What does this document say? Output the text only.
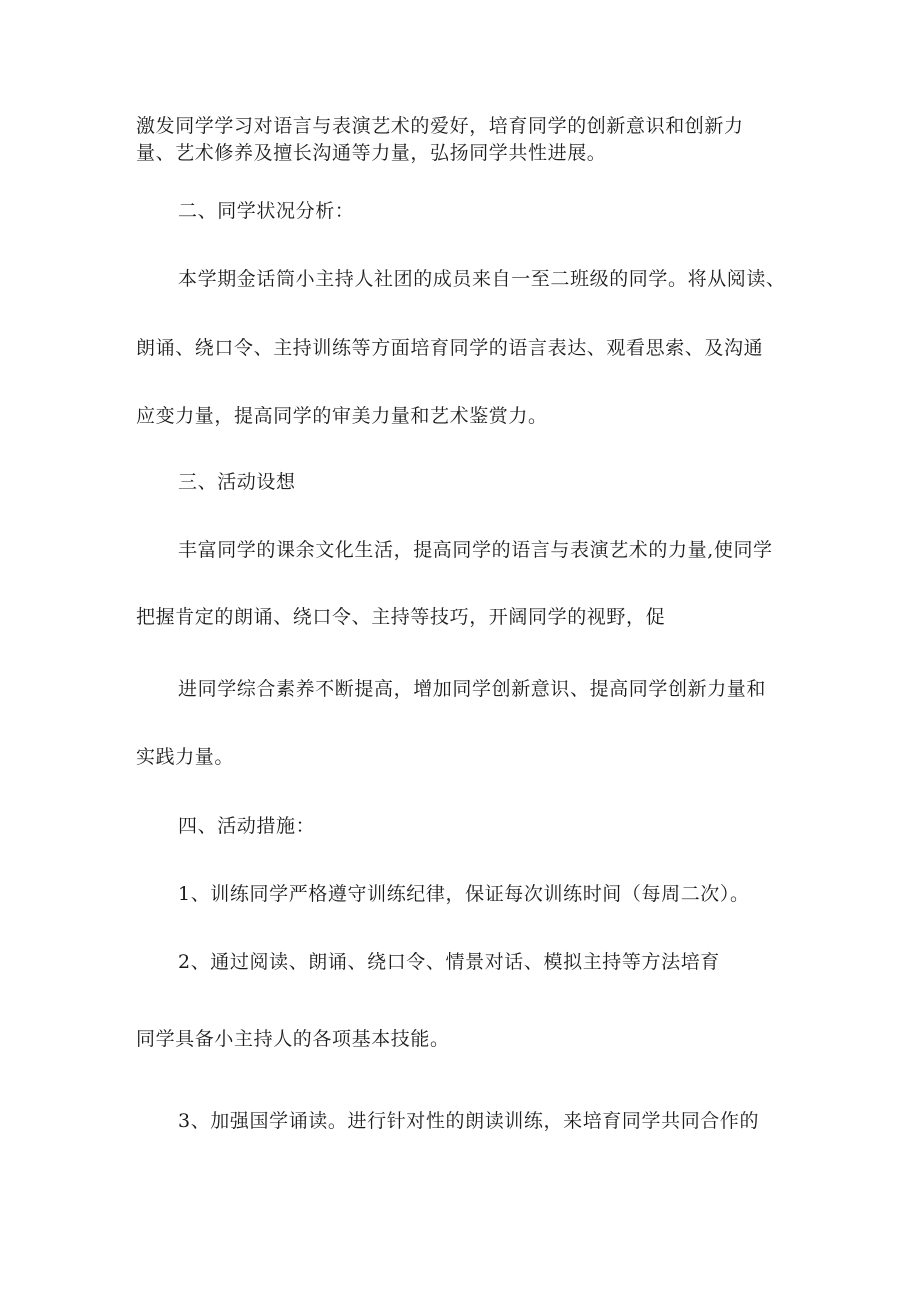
激发同学学习对语言与表演艺术的爱好，培育同学的创新意识和创新力
量、艺术修养及擅长沟通等力量，弘扬同学共性进展。
二、同学状况分析：
本学期金话筒小主持人社团的成员来自一至二班级的同学。将从阅读、
朗诵、绕口令、主持训练等方面培育同学的语言表达、观看思索、及沟通
应变力量，提高同学的审美力量和艺术鉴赏力。
三、活动设想
丰富同学的课余文化生活，提高同学的语言与表演艺术的力量,使同学
把握肯定的朗诵、绕口令、主持等技巧，开阔同学的视野，促
进同学综合素养不断提高，增加同学创新意识、提高同学创新力量和
实践力量。
四、活动措施：
1、训练同学严格遵守训练纪律，保证每次训练时间（每周二次）。
2、通过阅读、朗诵、绕口令、情景对话、模拟主持等方法培育
同学具备小主持人的各项基本技能。
3、加强国学诵读。进行针对性的朗读训练，来培育同学共同合作的
